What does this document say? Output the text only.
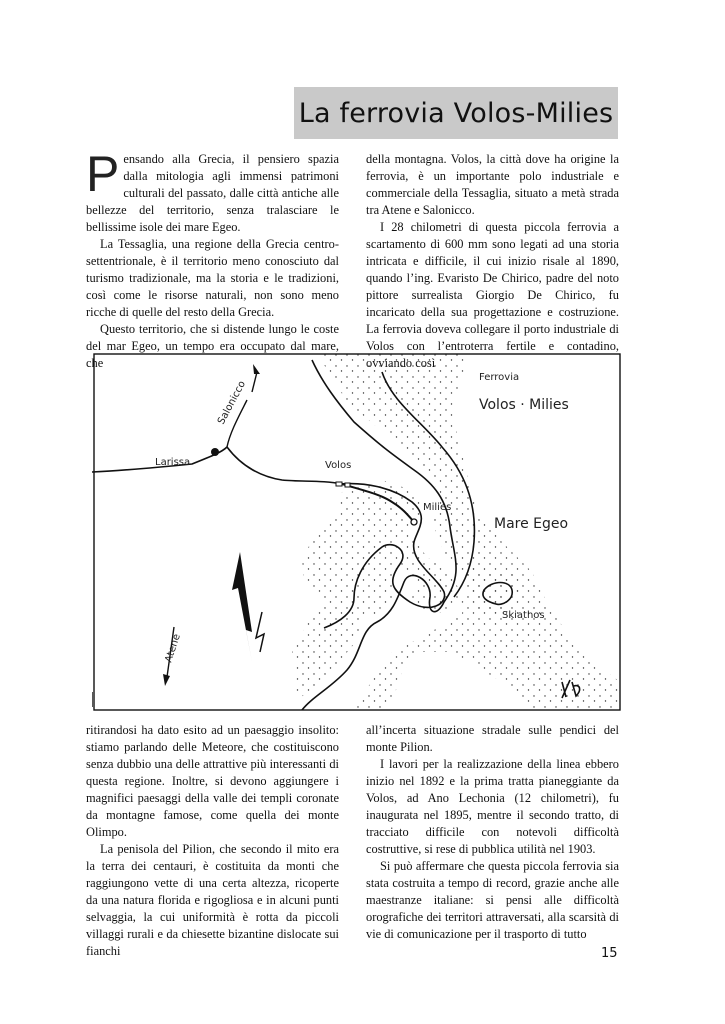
La ferrovia Volos-Milies

Pensando alla Grecia, il pensiero spazia dalla mitologia agli immensi patrimoni culturali del passato, dalle città antiche alle bellezze del territorio, senza tralasciare le bellissime isole dei mare Egeo.

La Tessaglia, una regione della Grecia centro-settentrionale, è il territorio meno conosciuto dal turismo tradizionale, ma la storia e le tradizioni, così come le risorse naturali, non sono meno ricche di quelle del resto della Grecia.

Questo territorio, che si distende lungo le coste del mar Egeo, un tempo era occupato dal mare, che

della montagna. Volos, la città dove ha origine la ferrovia, è un importante polo industriale e commerciale della Tessaglia, situato a metà strada tra Atene e Salonicco.

I 28 chilometri di questa piccola ferrovia a scartamento di 600 mm sono legati ad una storia intricata e difficile, il cui inizio risale al 1890, quando l’ing. Evaristo De Chirico, padre del noto pittore surrealista Giorgio De Chirico, fu incaricato della sua progettazione e costruzione. La ferrovia doveva collegare il porto industriale di Volos con l’entroterra fertile e contadino,

Ferrovia
Volos · Milies
Salonicco
Larissa	Volos
Milies
Mare Egeo
Skiathos
Atene

ritirandosi ha dato esito ad un paesaggio insolito: stiamo parlando delle Meteore, che costituiscono senza dubbio una delle attrattive più interessanti di questa regione. Inoltre, si devono aggiungere i magnifici paesaggi della valle dei templi coronate da montagne famose, come quella dei monte Olimpo.

La penisola del Pilion, che secondo il mito era la terra dei centauri, è costituita da monti che raggiungono vette di una certa altezza, ricoperte da una natura florida e rigogliosa e in alcuni punti selvaggia, la cui uniformità è rotta da piccoli villaggi rurali e da chiesette bizantine dislocate sui fianchi

all’incerta situazione stradale sulle pendici del monte Pilion.

I lavori per la realizzazione della linea ebbero inizio nel 1892 e la prima tratta pianeggiante da Volos, ad Ano Lechonia (12 chilometri), fu inaugurata nel 1895, mentre il secondo tratto, di tracciato difficile con notevoli difficoltà costruttive, si rese di pubblica utilità nel 1903.

Si può affermare che questa piccola ferrovia sia stata costruita a tempo di record, grazie anche alle maestranze italiane: si pensi alle difficoltà orografiche dei territori attraversati, alla scarsità di vie di comunicazione per il trasporto di tutto

15
